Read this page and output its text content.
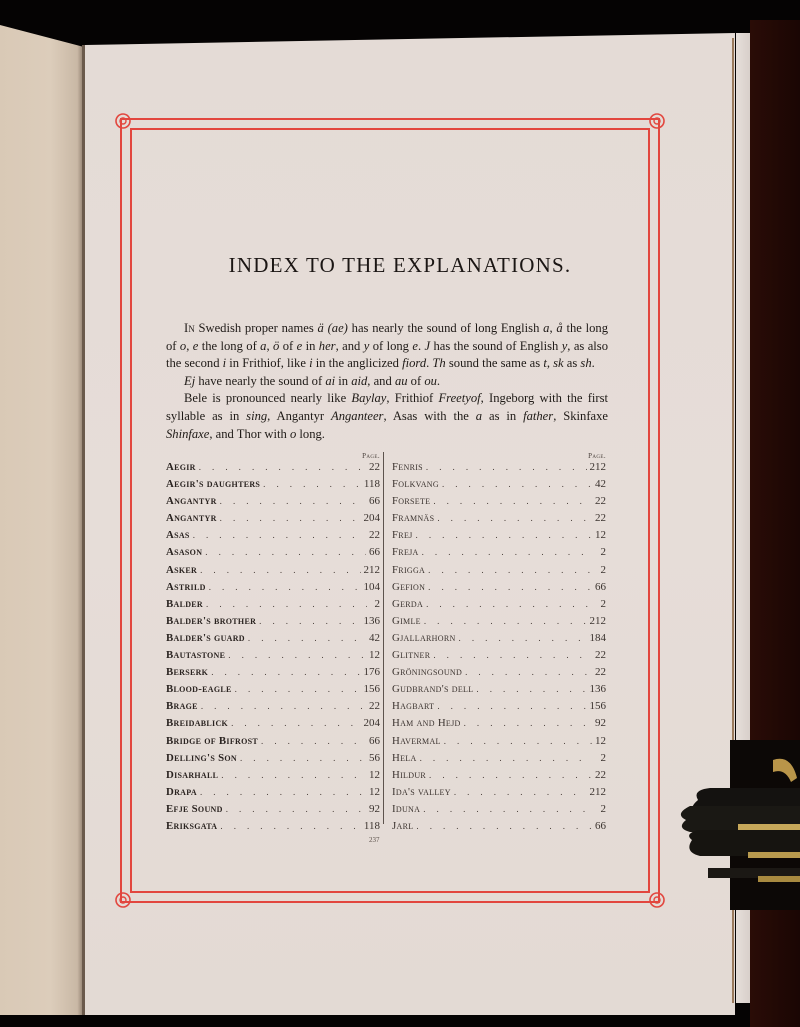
INDEX TO THE EXPLANATIONS.

In Swedish proper names ä (ae) has nearly the sound of long English a, å the long of o, e the long of a, ö of e in her, and y of long e. J has the sound of English y, as also the second i in Frithiof, like i in the anglicized fiord. Th sound the same as t, sk as sh.

Ej have nearly the sound of ai in aid, and au of ou.

Bele is pronounced nearly like Baylay, Frithiof Freetyof, Ingeborg with the first syllable as in sing, Angantyr Anganteer, Asas with the a as in father, Skinfaxe Shinfaxe, and Thor with o long.

Page.
Aegir . . .	22
Aegir's daughters . . .	118
Angantyr . . .	66
Angantyr . . .	204
Asas . . .	22
Asason . . .	66
Asker . . .	212
Astrild . . .	104
Balder . . .	2
Balder's brother . . .	136
Balder's guard . . .	42
Bautastone . . .	12
Berserk . . .	176
Blood-eagle . . .	156
Brage . . .	22
Breidablick . . .	204
Bridge of Bifrost . . .	66
Delling's Son . . .	56
Disarhall . . .	12
Drapa . . .	12
Efje Sound . . .	92
Eriksgata . . .	118
Page.
Fenris . . .	212
Folkvang . . .	42
Forsete . . .	22
Framnäs . . .	22
Frej . . .	12
Freja . . .	2
Frigga . . .	2
Gefion . . .	66
Gerda . . .	2
Gimle . . .	212
Gjallarhorn . . .	184
Glitner . . .	22
Gröningsound . . .	22
Gudbrand's dell . . .	136
Hagbart . . .	156
Ham and Hejd . . .	92
Havermal . . .	12
Hela . . .	2
Hildur . . .	22
Ida's valley . . .	212
Iduna . . .	2
Jarl . . .	66
237
